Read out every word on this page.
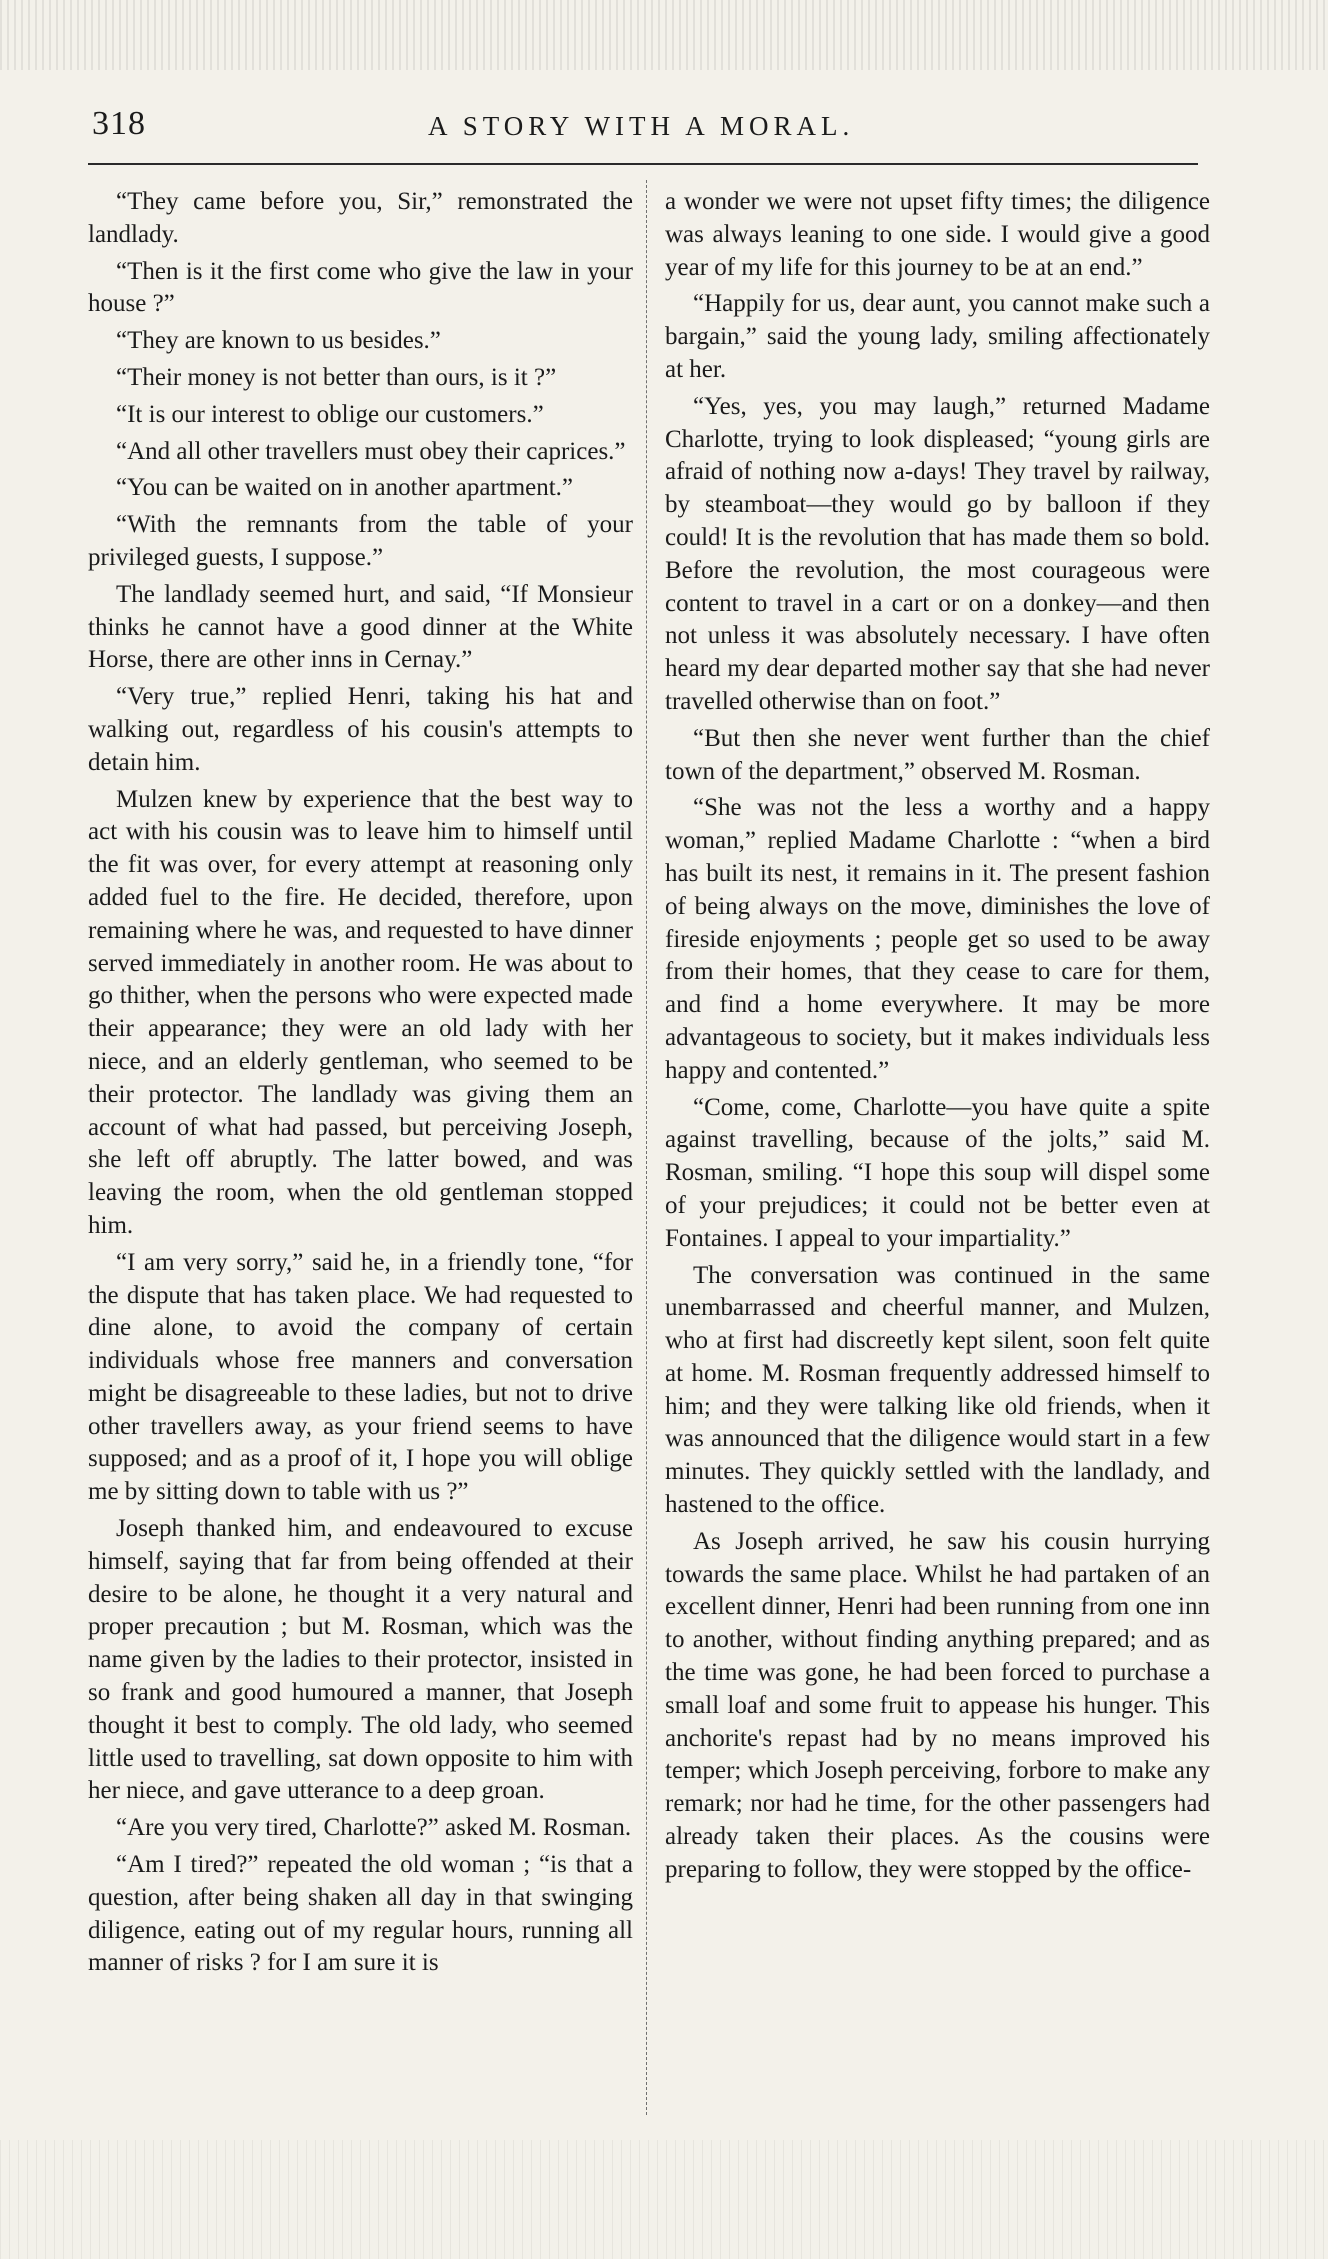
318	A STORY WITH A MORAL.

“They came before you, Sir,” remonstrated the landlady.

“Then is it the first come who give the law in your house ?”

“They are known to us besides.”

“Their money is not better than ours, is it ?”

“It is our interest to oblige our customers.”

“And all other travellers must obey their caprices.”

“You can be waited on in another apartment.”

“With the remnants from the table of your privileged guests, I suppose.”

The landlady seemed hurt, and said, “If Monsieur thinks he cannot have a good dinner at the White Horse, there are other inns in Cernay.”

“Very true,” replied Henri, taking his hat and walking out, regardless of his cousin's attempts to detain him.

Mulzen knew by experience that the best way to act with his cousin was to leave him to himself until the fit was over, for every attempt at reasoning only added fuel to the fire. He decided, therefore, upon remaining where he was, and requested to have dinner served immediately in another room. He was about to go thither, when the persons who were expected made their appearance; they were an old lady with her niece, and an elderly gentleman, who seemed to be their protector. The landlady was giving them an account of what had passed, but perceiving Joseph, she left off abruptly. The latter bowed, and was leaving the room, when the old gentleman stopped him.

“I am very sorry,” said he, in a friendly tone, “for the dispute that has taken place. We had requested to dine alone, to avoid the company of certain individuals whose free manners and conversation might be disagreeable to these ladies, but not to drive other travellers away, as your friend seems to have supposed; and as a proof of it, I hope you will oblige me by sitting down to table with us ?”

Joseph thanked him, and endeavoured to excuse himself, saying that far from being offended at their desire to be alone, he thought it a very natural and proper precaution ; but M. Rosman, which was the name given by the ladies to their protector, insisted in so frank and good humoured a manner, that Joseph thought it best to comply. The old lady, who seemed little used to travelling, sat down opposite to him with her niece, and gave utterance to a deep groan.

“Are you very tired, Charlotte?” asked M. Rosman.

“Am I tired?” repeated the old woman ; “is that a question, after being shaken all day in that swinging diligence, eating out of my regular hours, running all manner of risks ? for I am sure it is

a wonder we were not upset fifty times; the diligence was always leaning to one side. I would give a good year of my life for this journey to be at an end.”

“Happily for us, dear aunt, you cannot make such a bargain,” said the young lady, smiling affectionately at her.

“Yes, yes, you may laugh,” returned Madame Charlotte, trying to look displeased; “young girls are afraid of nothing now a-days! They travel by railway, by steamboat—they would go by balloon if they could! It is the revolution that has made them so bold. Before the revolution, the most courageous were content to travel in a cart or on a donkey—and then not unless it was absolutely necessary. I have often heard my dear departed mother say that she had never travelled otherwise than on foot.”

“But then she never went further than the chief town of the department,” observed M. Rosman.

“She was not the less a worthy and a happy woman,” replied Madame Charlotte : “when a bird has built its nest, it remains in it. The present fashion of being always on the move, diminishes the love of fireside enjoyments ; people get so used to be away from their homes, that they cease to care for them, and find a home everywhere. It may be more advantageous to society, but it makes individuals less happy and contented.”

“Come, come, Charlotte—you have quite a spite against travelling, because of the jolts,” said M. Rosman, smiling. “I hope this soup will dispel some of your prejudices; it could not be better even at Fontaines. I appeal to your impartiality.”

The conversation was continued in the same unembarrassed and cheerful manner, and Mulzen, who at first had discreetly kept silent, soon felt quite at home. M. Rosman frequently addressed himself to him; and they were talking like old friends, when it was announced that the diligence would start in a few minutes. They quickly settled with the landlady, and hastened to the office.

As Joseph arrived, he saw his cousin hurrying towards the same place. Whilst he had partaken of an excellent dinner, Henri had been running from one inn to another, without finding anything prepared; and as the time was gone, he had been forced to purchase a small loaf and some fruit to appease his hunger. This anchorite's repast had by no means improved his temper; which Joseph perceiving, forbore to make any remark; nor had he time, for the other passengers had already taken their places. As the cousins were preparing to follow, they were stopped by the office-
